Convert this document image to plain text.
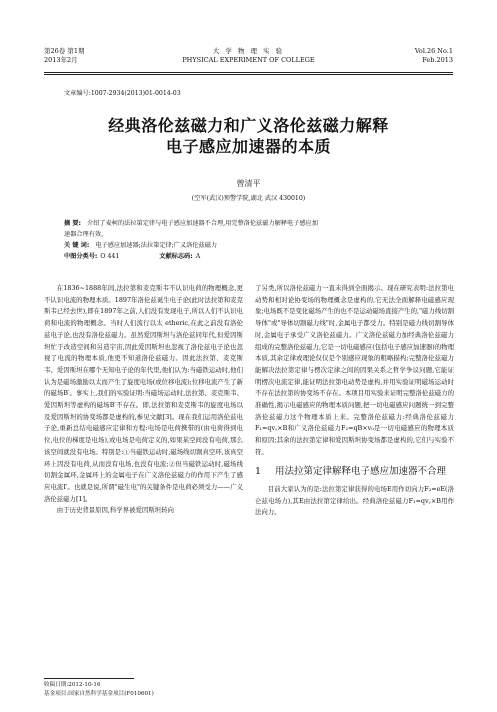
第26卷 第1期
2013年2月
大 学 物 理 实 验
PHYSICAL EXPERIMENT OF COLLEGE
Vol.26 No.1
Feb.2013
文章编号:1007-2934(2013)01-0014-03
经典洛伦兹磁力和广义洛伦兹磁力解释
电子感应加速器的本质
曾清平
(空军(武汉)预警学院,湖北 武汉 430010)
摘 要: 介绍了麦柯的法拉第定律与电子感应加速器不合理,用完整洛伦兹磁力解释电子感应加
速器合理有效。
关 键 词: 电子感应加速器;法拉第定律;广义洛伦兹磁力
中图分类号: O 441	文献标志码: A

在1836~1888年间,法拉第和麦克斯韦不认识电荷的物理概念,更不认识电流的物理本质。1897年洛伦兹诞生电子论(此时法拉第和麦克斯韦已经去世),即在1897年之前,人们没有发现电子,所以人们不认识电荷和电流的物理概念。当时人们流行以太 etheric,在此之前没有洛伦兹电子论,也没有洛伦兹磁力。虽然爱因斯坦与洛伦兹同年代,但爱因斯坦忙于改造空间和另造宇宙,因此爱因斯坦也忽视了洛伦兹电子论也忽视了电流的物理本质,他更不知道洛伦兹磁力。因此法拉第、麦克斯韦、爱因斯坦在哪个无知电子论的年代里,他们认为:当磁铁运动时,他们认为是磁场激励以太而产生了旋度电场(或位移电流);位移电流产生了新的磁场B′。事实上,我们的实验证明:当磁场运动时,法拉第、麦克斯韦、爱因斯坦等虚构的磁场B′不存在。即,法拉第和麦克斯韦的旋度电场以及爱因斯坦的协变场都是虚构的,参见文献[3]。现在我们运用洛伦兹电子论,重新总结电磁感应定律和方程:电场是电荷携带的(由电荷得到电位,电位的梯度是电场),或电场是电荷定义的,如果某空间没有电荷,那么该空间就没有电场。特别是:①当磁铁运动时,磁场线切割真空环,该真空环上因没有电荷,从而没有电场,也没有电流;②但当磁铁运动时,磁场线切割金属环,金属环上的金属电子在广义洛伦兹磁力的作用下产生了感应电流I′。也就是说,所谓"磁生电"的关键条件是电荷必须受力——广义洛伦兹磁力[1]。

由于历史背景原因,科学界被爱因斯坦转向

了另类,所以洛伦兹磁力一直未得到全面揭示。现在研究表明:法拉第电动势和相对论协变场的物理概念是虚构的,它无法全面解释电磁感应现象;电场既不是变化磁场产生的也不是运动磁场直接产生的,"磁力线切割导体"或"导体切割磁力线"时,金属电子都受力。特别是磁力线切割导体时,金属电子承受广义洛伦兹磁力。广义洛伦兹磁力加经典洛伦兹磁力组成的完整洛伦兹磁力,它是一切电磁感应(包括电子感应加速器)的物理本质,其余定律或理论仅仅是个别感应现象的粗略描构;完整洛伦兹磁力能解决法拉第定律与楞次定律之间的因果关系之哲学争议问题,它能证明楞次电流定律,能证明法拉第电动势是虚构,并用实验证明磁场运动时不存在法拉第的协变场不存在。本项目用实验来证明完整洛伦兹磁力的准确性,揭示电磁感应的物理本质问题,把一切电磁感应问题统一到完整洛伦兹磁力这个物理本质上来。完整洛伦兹磁力:经典洛伦兹磁力F₁=qv꜀×B和广义洛伦兹磁力F₂=qB×v₀是一切电磁感应的物理本质和原因;其余的法拉第定律和爱因斯坦协变场都是虚构的,它们与实验不符。

1	用法拉第定律解释电子感应加速器不合理

目前大家认为的是:法拉第定律获得的电场E用作切向力F₂=eE(洛仑兹电场力),其E由法拉第定律给出。经典洛伦兹磁力F₁=qv꜀×B用作法向力。

收稿日期:2012-10-16
基金项目:国家自然科学基金项目(F010601)
